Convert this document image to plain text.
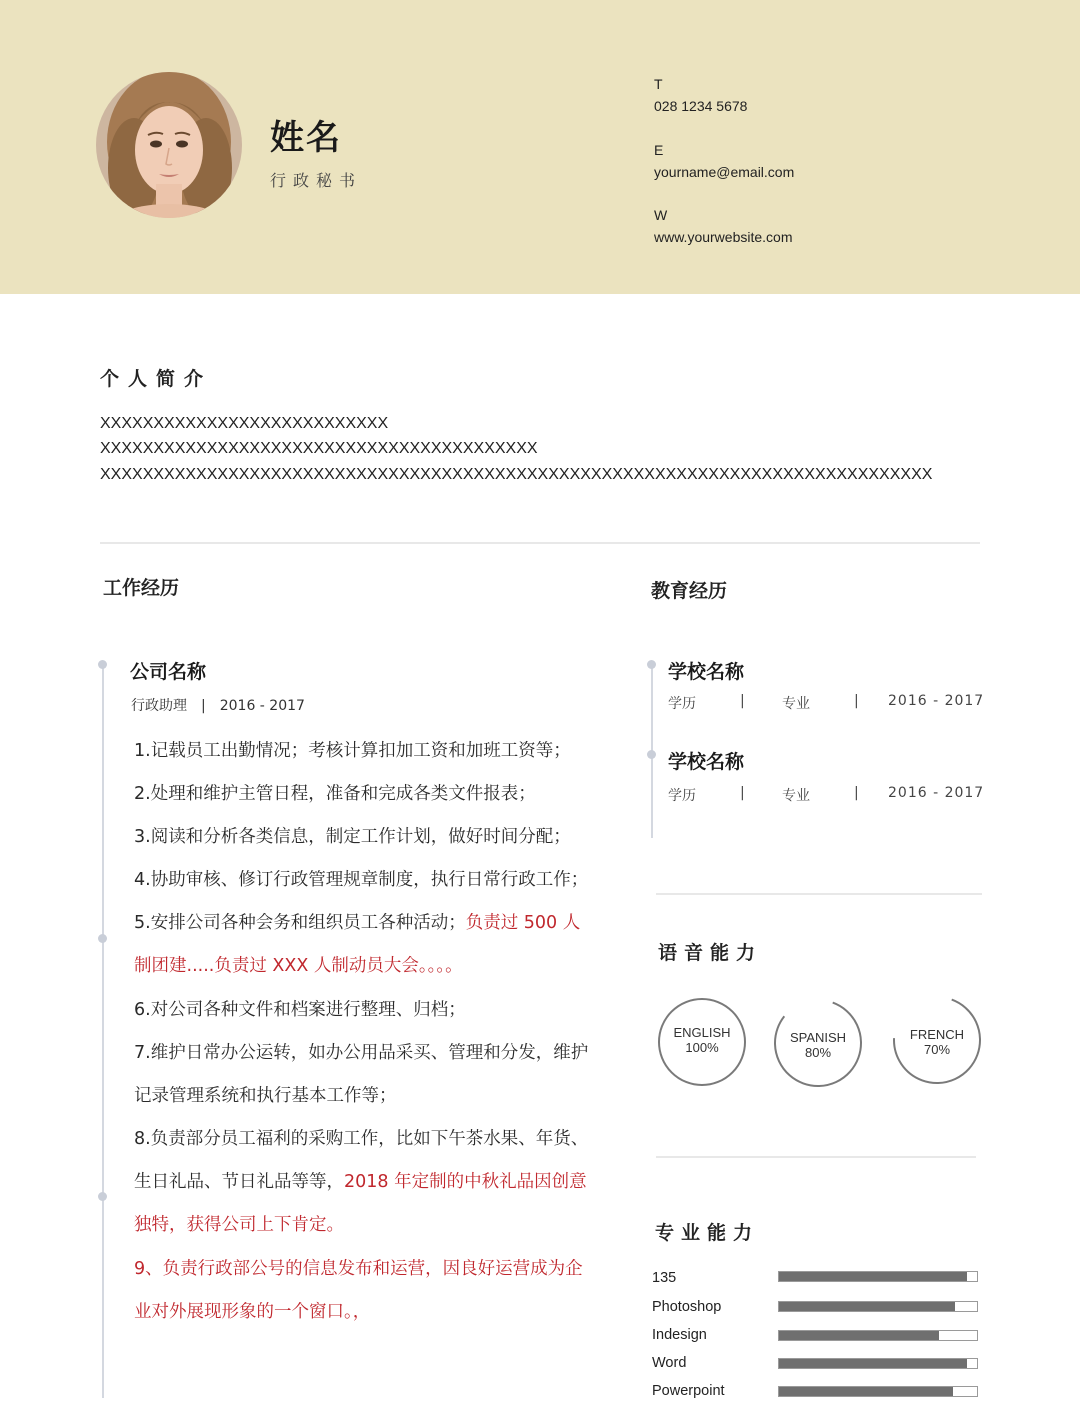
姓名
行政秘书
T
028 1234 5678
E
yourname@email.com
W
www.yourwebsite.com
个人简介
XXXXXXXXXXXXXXXXXXXXXXXXXXX
XXXXXXXXXXXXXXXXXXXXXXXXXXXXXXXXXXXXXXXXX
XXXXXXXXXXXXXXXXXXXXXXXXXXXXXXXXXXXXXXXXXXXXXXXXXXXXXXXXXXXXXXXXXXXXXXXXXXXXXX
工作经历
公司名称
行政助理 | 2016 - 2017
1.记载员工出勤情况；考核计算扣加工资和加班工资等；
2.处理和维护主管日程，准备和完成各类文件报表；
3.阅读和分析各类信息，制定工作计划，做好时间分配；
4.协助审核、修订行政管理规章制度，执行日常行政工作；
5.安排公司各种会务和组织员工各种活动；负责过 500 人
制团建.....负责过 XXX 人制动员大会。。。。
6.对公司各种文件和档案进行整理、归档；
7.维护日常办公运转，如办公用品采买、管理和分发，维护
记录管理系统和执行基本工作等；
8.负责部分员工福利的采购工作，比如下午茶水果、年货、
生日礼品、节日礼品等等，2018 年定制的中秋礼品因创意
独特，获得公司上下肯定。
9、负责行政部公号的信息发布和运营，因良好运营成为企
业对外展现形象的一个窗口。，
教育经历
学校名称
学历	|	专业	| 2016 - 2017
学校名称
学历	|	专业	| 2016 - 2017
语音能力
ENGLISH
100%
SPANISH
80%
FRENCH
70%
专业能力
135
Photoshop
Indesign
Word
Powerpoint
